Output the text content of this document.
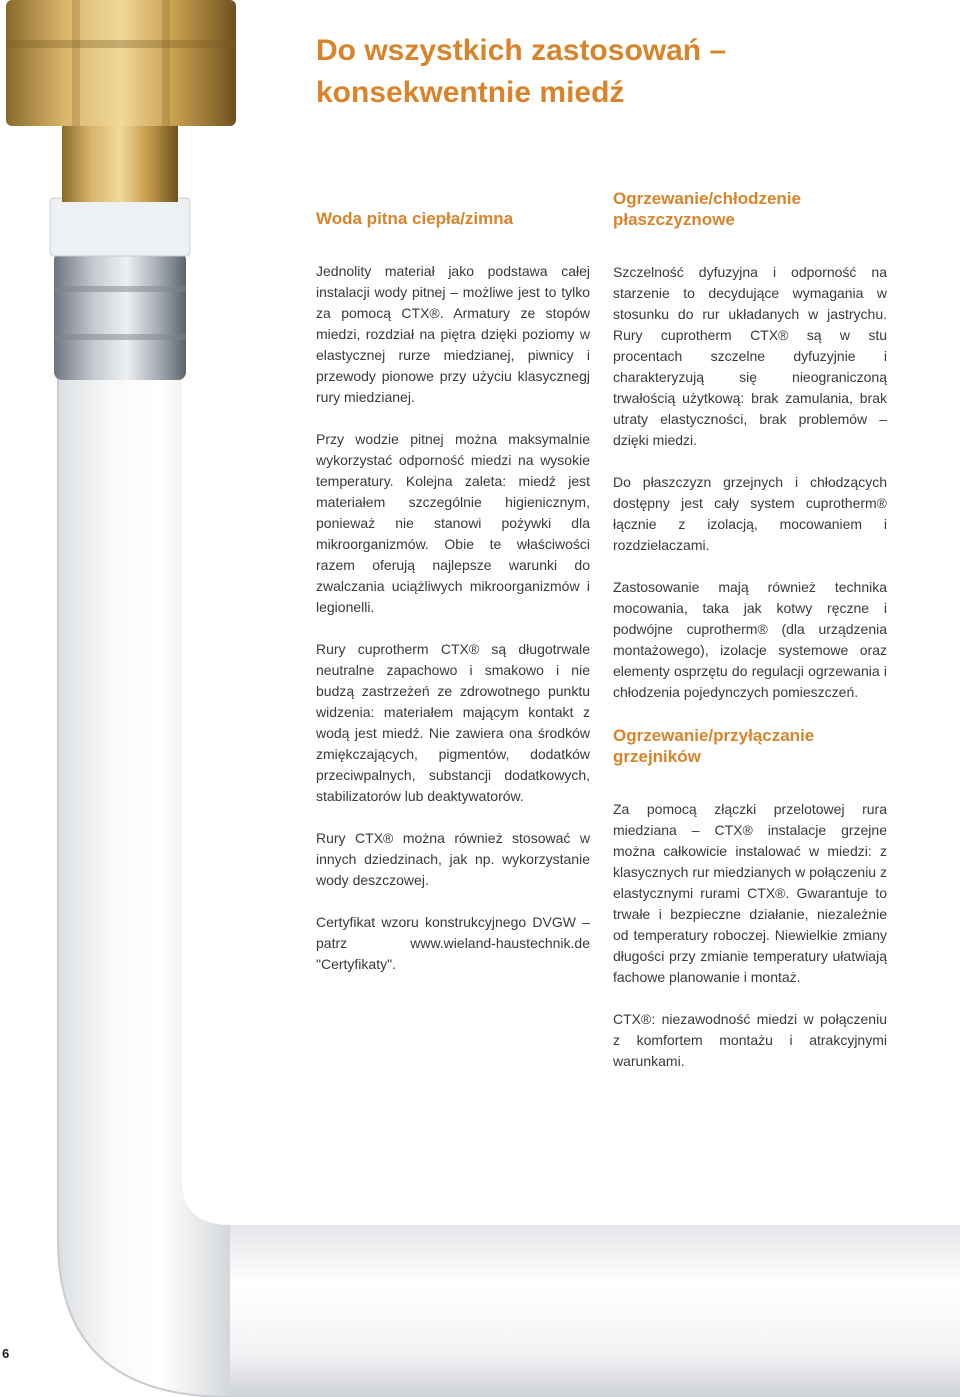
Do wszystkich zastosowań –
konsekwentnie miedź
Woda pitna ciepła/zimna

Jednolity materiał jako podstawa całej instalacji wody pitnej – możliwe jest to tylko za pomocą CTX®. Armatury ze stopów miedzi, rozdział na piętra dzięki poziomy w elastycznej rurze miedzianej, piwnicy i przewody pionowe przy użyciu klasycznegj rury miedzianej.

Przy wodzie pitnej można maksymalnie wykorzystać odporność miedzi na wysokie temperatury. Kolejna zaleta: miedź jest materiałem szczególnie higienicznym, ponieważ nie stanowi pożywki dla mikroorganizmów. Obie te właściwości razem oferują najlepsze warunki do zwalczania uciążliwych mikroorganizmów i legionelli.

Rury cuprotherm CTX® są długotrwale neutralne zapachowo i smakowo i nie budzą zastrzeżeń ze zdrowotnego punktu widzenia: materiałem mającym kontakt z wodą jest miedź. Nie zawiera ona środków zmiękczających, pigmentów, dodatków przeciwpalnych, substancji dodatkowych, stabilizatorów lub deaktywatorów.

Rury CTX® można również stosować w innych dziedzinach, jak np. wykorzystanie wody deszczowej.

Certyfikat wzoru konstrukcyjnego DVGW – patrz www.wieland-haustechnik.de "Certyfikaty".

Ogrzewanie/chłodzenie płaszczyznowe

Szczelność dyfuzyjna i odporność na starzenie to decydujące wymagania w stosunku do rur układanych w jastrychu. Rury cuprotherm CTX® są w stu procentach szczelne dyfuzyjnie i charakteryzują się nieograniczoną trwałością użytkową: brak zamulania, brak utraty elastyczności, brak problemów – dzięki miedzi.

Do płaszczyzn grzejnych i chłodzących dostępny jest cały system cuprotherm® łącznie z izolacją, mocowaniem i rozdzielaczami.

Zastosowanie mają również technika mocowania, taka jak kotwy ręczne i podwójne cuprotherm® (dla urządzenia montażowego), izolacje systemowe oraz elementy osprzętu do regulacji ogrzewania i chłodzenia pojedynczych pomieszczeń.

Ogrzewanie/przyłączanie grzejników

Za pomocą złączki przelotowej rura miedziana – CTX® instalacje grzejne można całkowicie instalować w miedzi: z klasycznych rur miedzianych w połączeniu z elastycznymi rurami CTX®. Gwarantuje to trwałe i bezpieczne działanie, niezależnie od temperatury roboczej. Niewielkie zmiany długości przy zmianie temperatury ułatwiają fachowe planowanie i montaż.

CTX®: niezawodność miedzi w połączeniu z komfortem montażu i atrakcyjnymi warunkami.

6
